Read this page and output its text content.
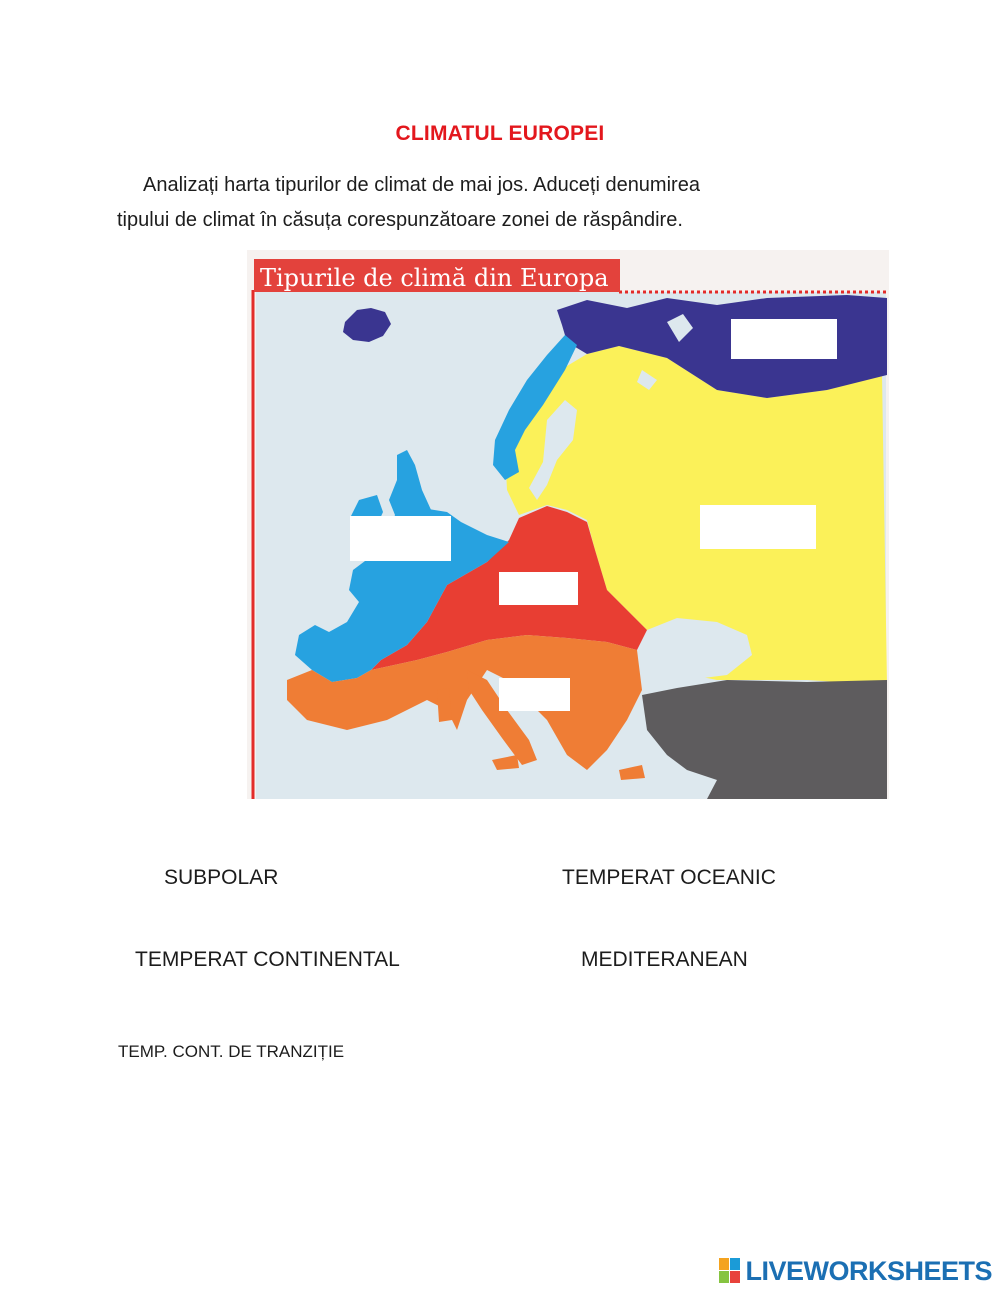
CLIMATUL EUROPEI
Analizați harta tipurilor de climat de mai jos. Aduceți denumirea
tipului de climat în căsuța corespunzătoare zonei de răspândire.
Tipurile de climă din Europa
SUBPOLAR	TEMPERAT OCEANIC
TEMPERAT CONTINENTAL	MEDITERANEAN
TEMP. CONT. DE TRANZIȚIE
LIVEWORKSHEETS
